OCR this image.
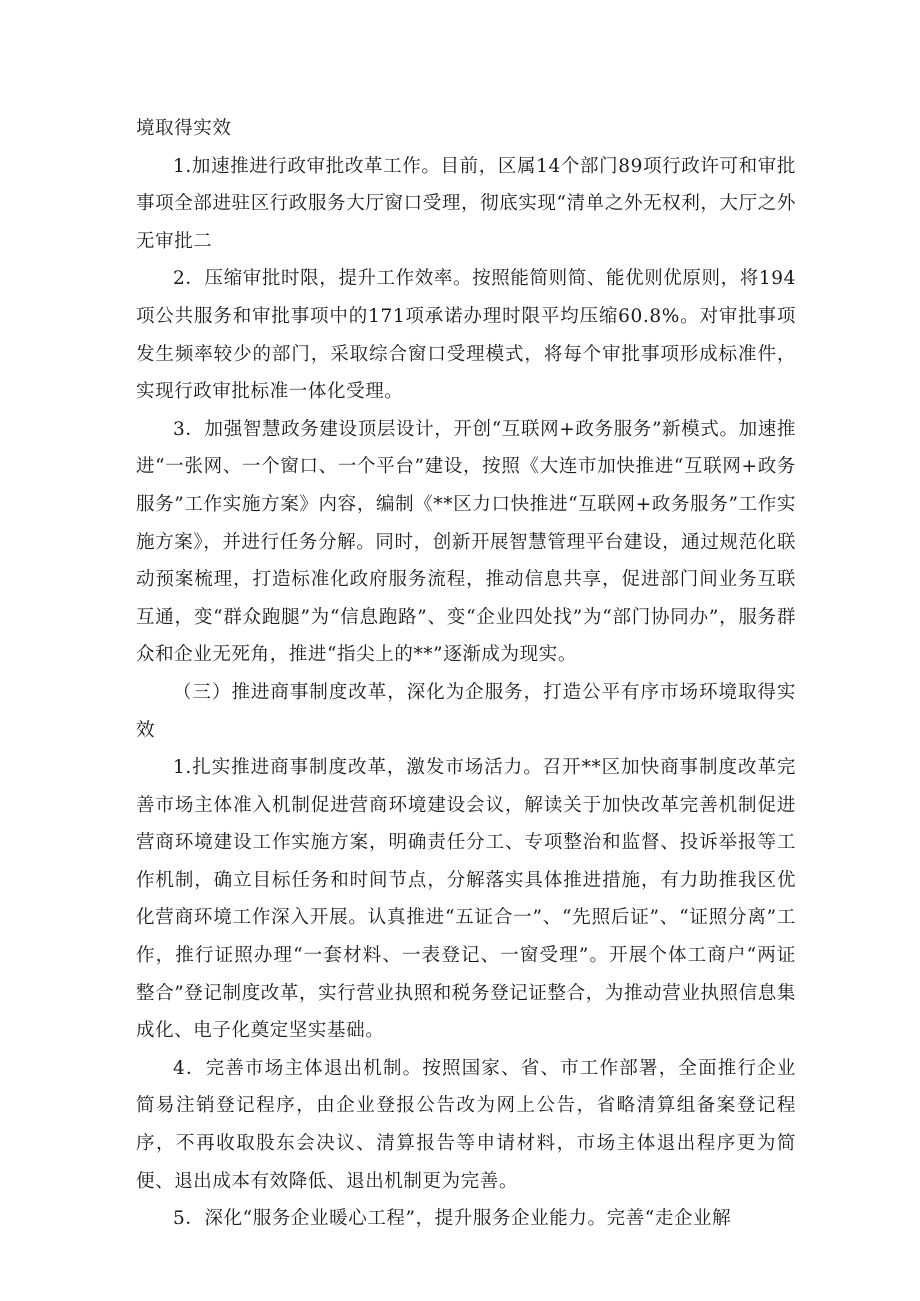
境取得实效

1.加速推进行政审批改革工作。目前，区属14个部门89项行政许可和审批事项全部进驻区行政服务大厅窗口受理，彻底实现“清单之外无权利，大厅之外无审批二

2．压缩审批时限，提升工作效率。按照能简则简、能优则优原则，将194项公共服务和审批事项中的171项承诺办理时限平均压缩60.8%。对审批事项发生频率较少的部门，采取综合窗口受理模式，将每个审批事项形成标准件，实现行政审批标准一体化受理。

3．加强智慧政务建设顶层设计，开创“互联网+政务服务”新模式。加速推进“一张网、一个窗口、一个平台”建设，按照《大连市加快推进“互联网+政务服务”工作实施方案》内容，编制《**区力口快推进“互联网+政务服务”工作实施方案》，并进行任务分解。同时，创新开展智慧管理平台建设，通过规范化联动预案梳理，打造标准化政府服务流程，推动信息共享，促进部门间业务互联互通，变“群众跑腿”为“信息跑路”、变“企业四处找”为“部门协同办”，服务群众和企业无死角，推进“指尖上的**”逐渐成为现实。

（三）推进商事制度改革，深化为企服务，打造公平有序市场环境取得实效

1.扎实推进商事制度改革，激发市场活力。召开**区加快商事制度改革完善市场主体准入机制促进营商环境建设会议，解读关于加快改革完善机制促进营商环境建设工作实施方案，明确责任分工、专项整治和监督、投诉举报等工作机制，确立目标任务和时间节点，分解落实具体推进措施，有力助推我区优化营商环境工作深入开展。认真推进“五证合一”、“先照后证”、“证照分离”工作，推行证照办理“一套材料、一表登记、一窗受理”。开展个体工商户“两证整合”登记制度改革，实行营业执照和税务登记证整合，为推动营业执照信息集成化、电子化奠定坚实基础。

4．完善市场主体退出机制。按照国家、省、市工作部署，全面推行企业简易注销登记程序，由企业登报公告改为网上公告，省略清算组备案登记程序，不再收取股东会决议、清算报告等申请材料，市场主体退出程序更为简便、退出成本有效降低、退出机制更为完善。

5．深化“服务企业暖心工程”，提升服务企业能力。完善“走企业解
